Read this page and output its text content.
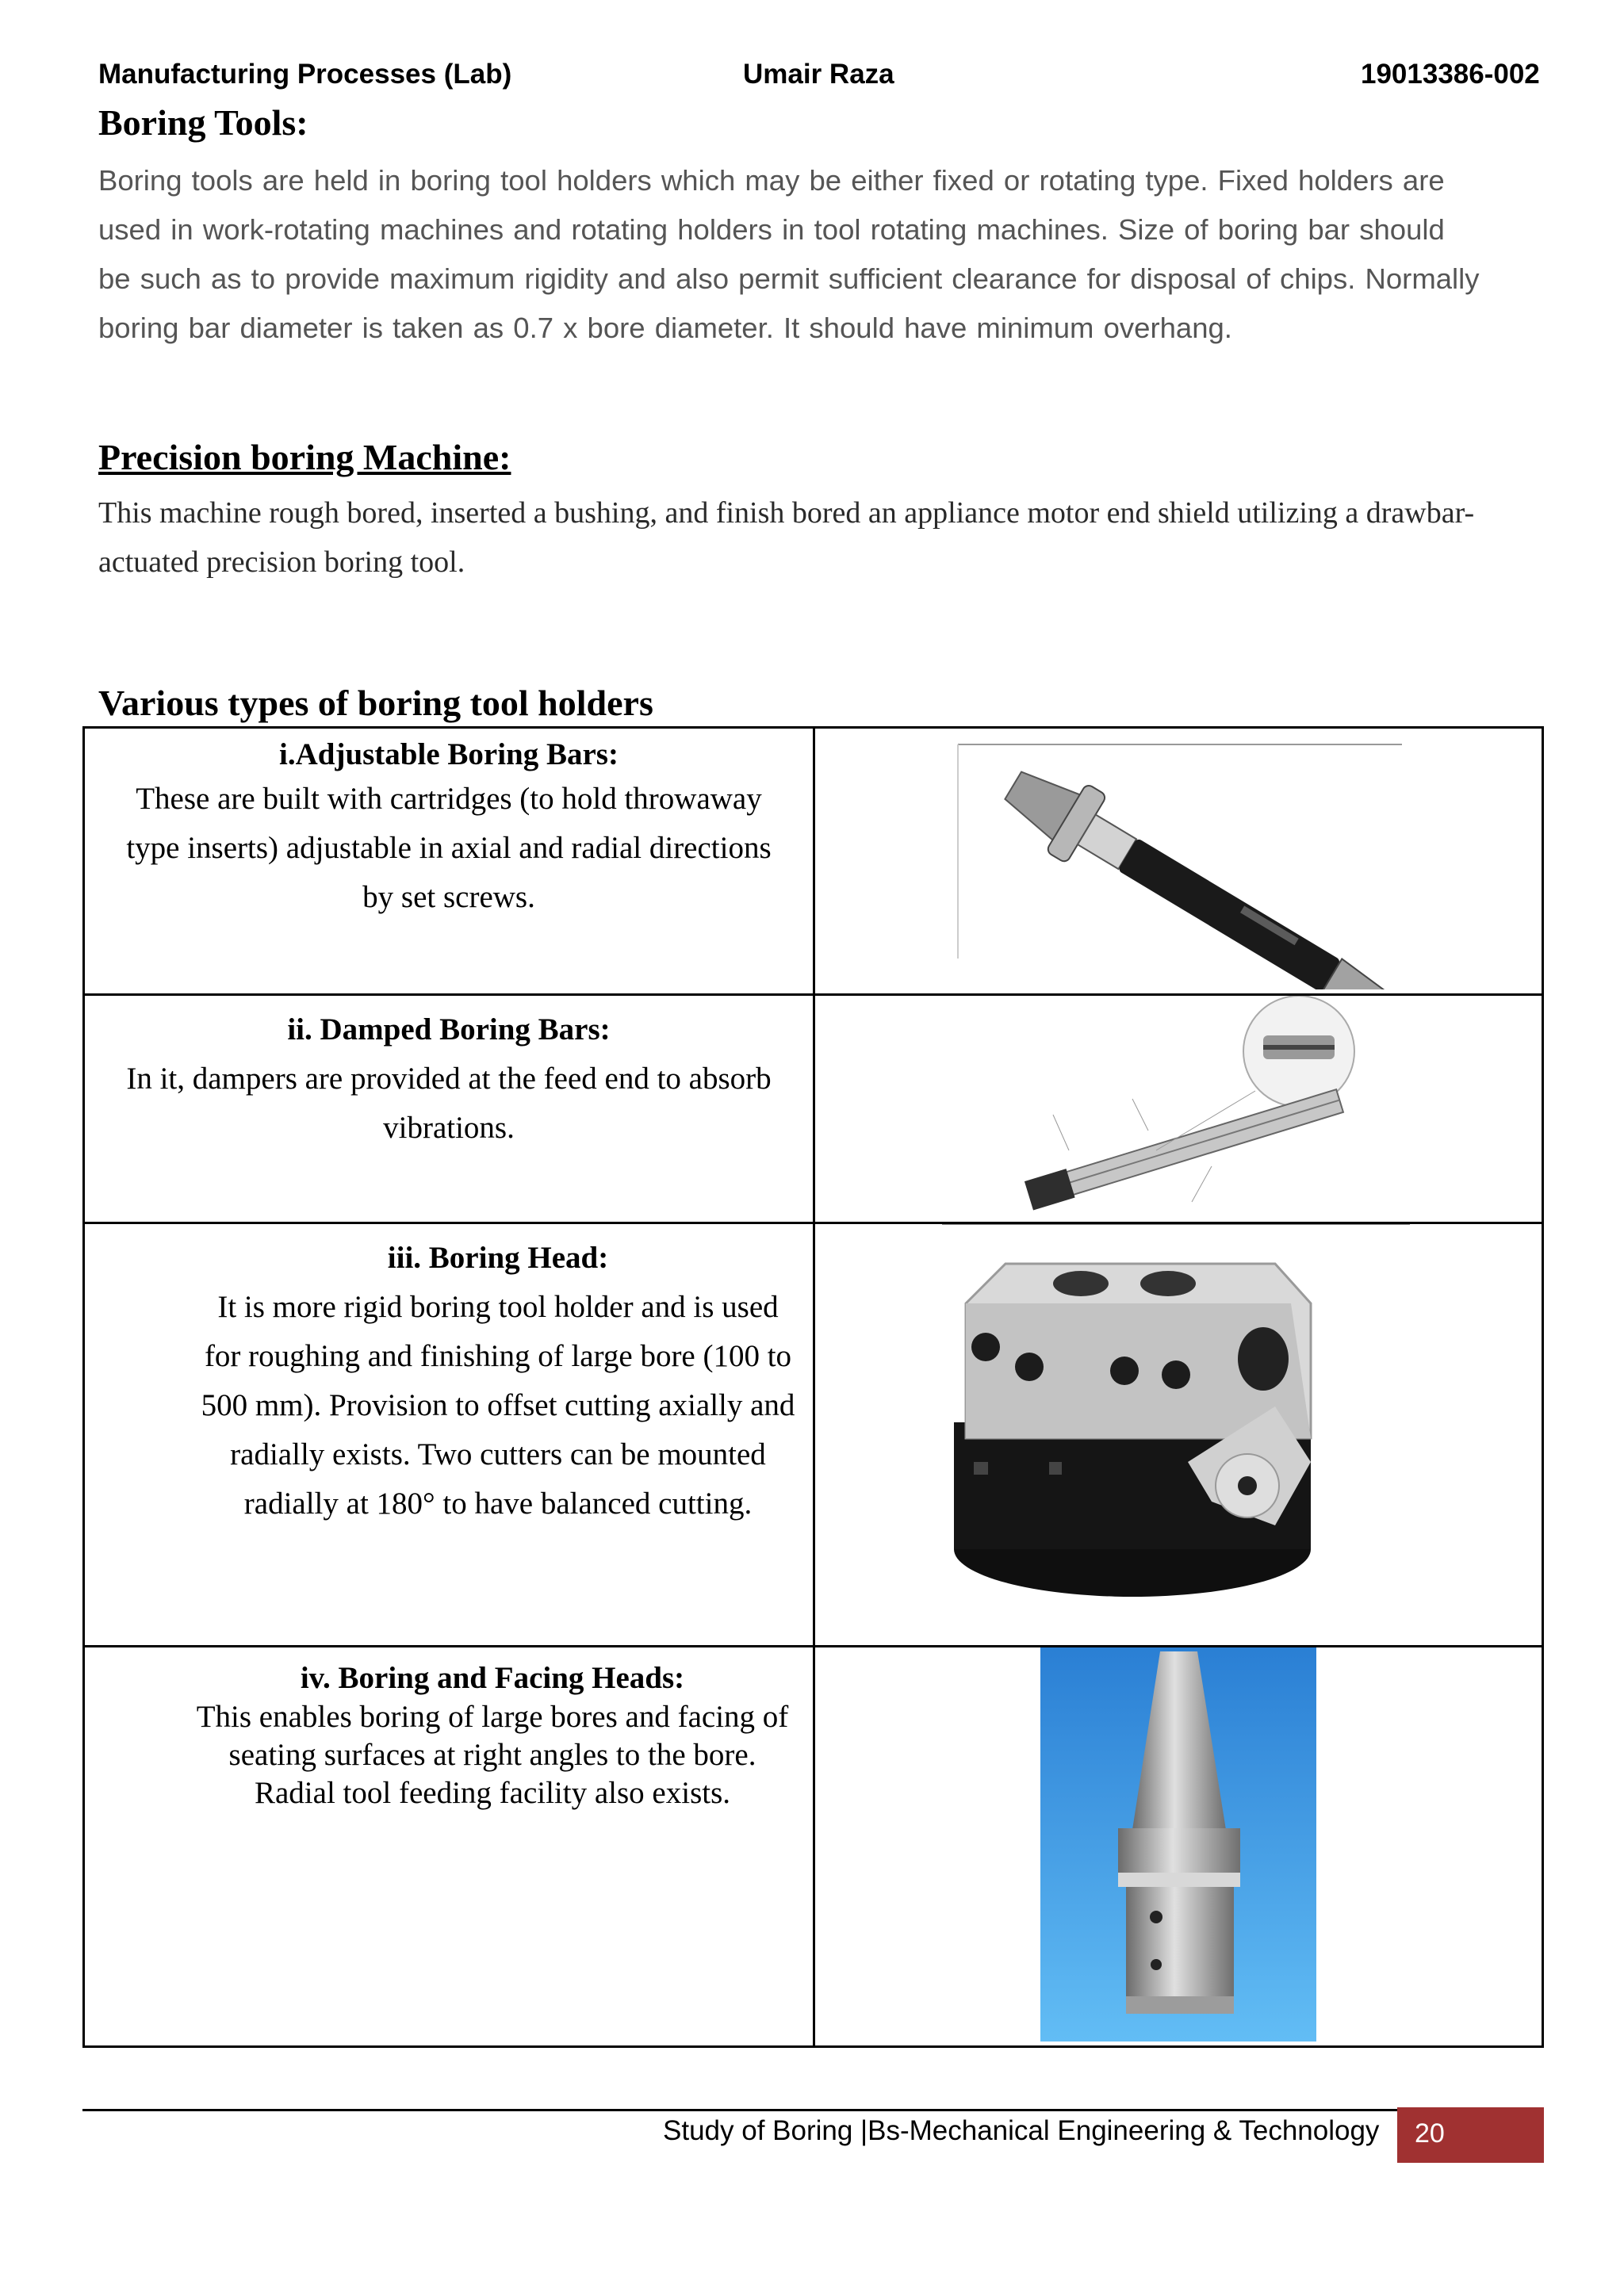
Manufacturing Processes (Lab)	Umair Raza	19013386-002
Boring Tools:

Boring tools are held in boring tool holders which may be either fixed or rotating type. Fixed holders are used in work-rotating machines and rotating holders in tool rotating machines. Size of boring bar should be such as to provide maximum rigidity and also permit sufficient clearance for disposal of chips. Normally boring bar diameter is taken as 0.7 x bore diameter. It should have minimum overhang.

Precision boring Machine:

This machine rough bored, inserted a bushing, and finish bored an appliance motor end shield utilizing a drawbar-actuated precision boring tool.

Various types of boring tool holders
i.Adjustable Boring Bars:
These are built with cartridges (to hold throwaway type inserts) adjustable in axial and radial directions by set screws.

ii. Damped Boring Bars:
In it, dampers are provided at the feed end to absorb vibrations.

iii. Boring Head:
It is more rigid boring tool holder and is used for roughing and finishing of large bore (100 to 500 mm). Provision to offset cutting axially and radially exists. Two cutters can be mounted radially at 180° to have balanced cutting.

iv. Boring and Facing Heads:
This enables boring of large bores and facing of seating surfaces at right angles to the bore. Radial tool feeding facility also exists.

Study of Boring |Bs-Mechanical Engineering & Technology 20
